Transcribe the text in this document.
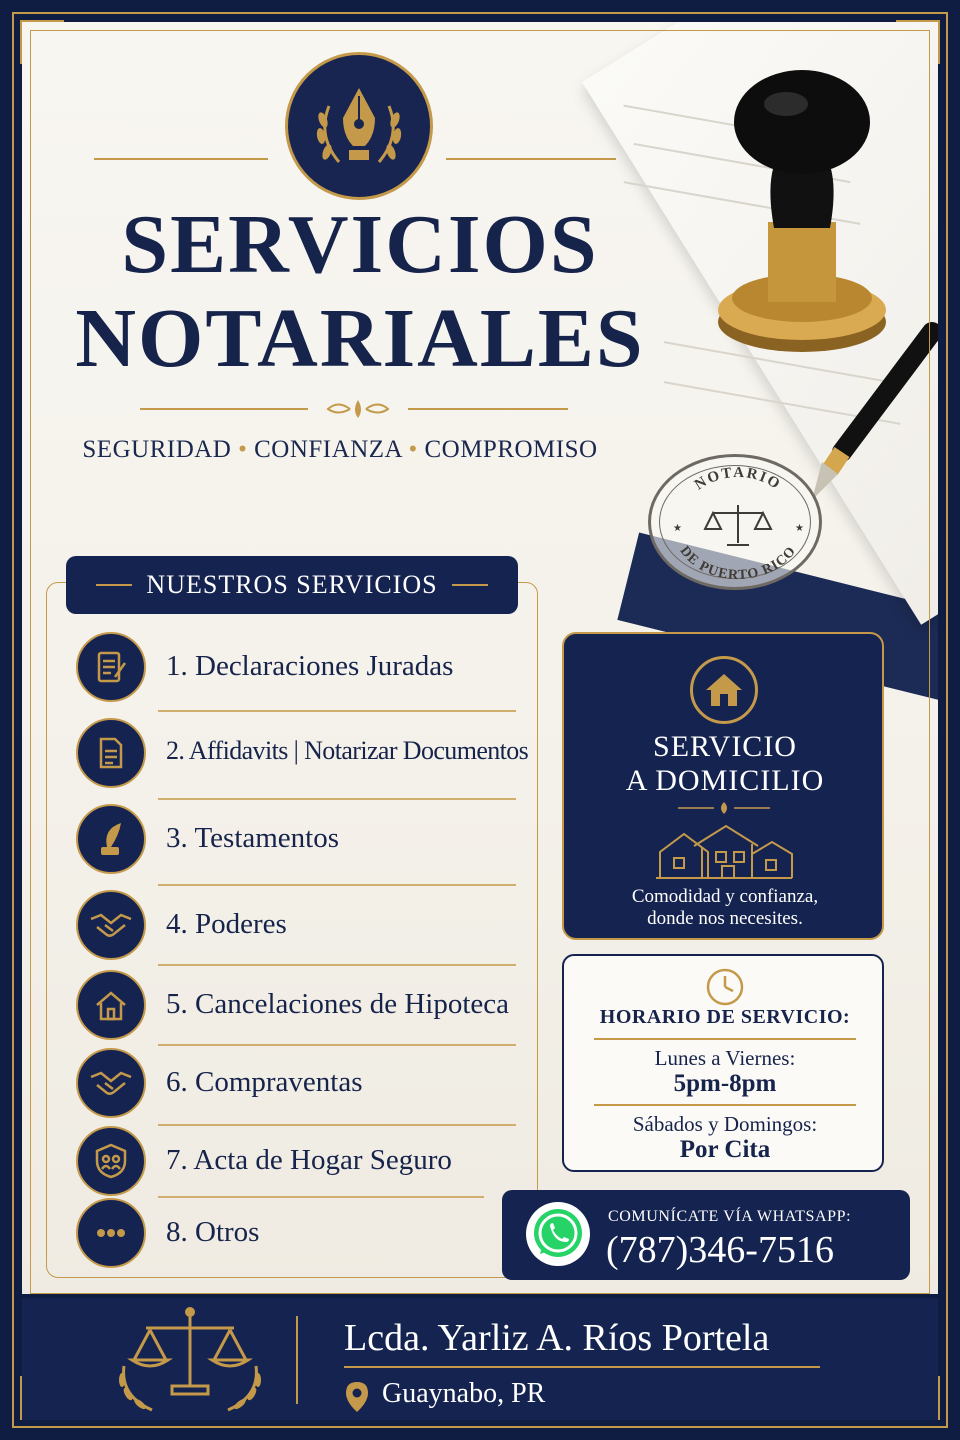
NOTARIO
DE PUERTO RICO
★	★
SERVICIOS
NOTARIALES
SEGURIDAD • CONFIANZA • COMPROMISO
NUESTROS SERVICIOS
1. Declaraciones Juradas
2. Affidavits | Notarizar Documentos
3. Testamentos
4. Poderes
5. Cancelaciones de Hipoteca
6. Compraventas
7. Acta de Hogar Seguro
8. Otros
SERVICIO
A DOMICILIO
Comodidad y confianza,
donde nos necesites.
HORARIO DE SERVICIO:
Lunes a Viernes:
5pm-8pm
Sábados y Domingos:
Por Cita
COMUNÍCATE VÍA WHATSAPP:
(787)346-7516
Lcda. Yarliz A. Ríos Portela
Guaynabo, PR
